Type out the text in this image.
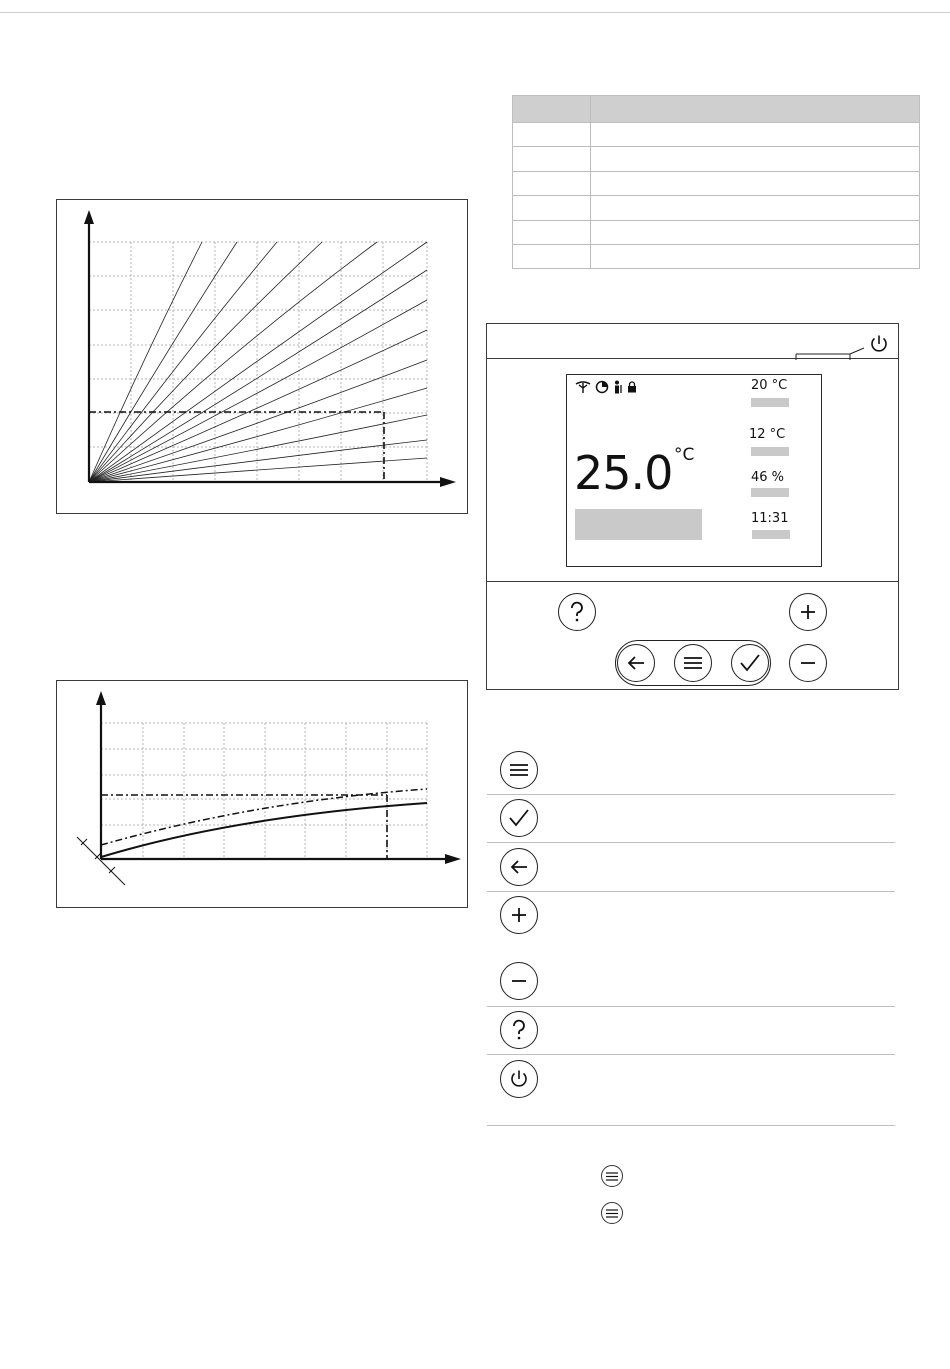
25.0 °C
20 °C
12 °C
46 %
11:31
